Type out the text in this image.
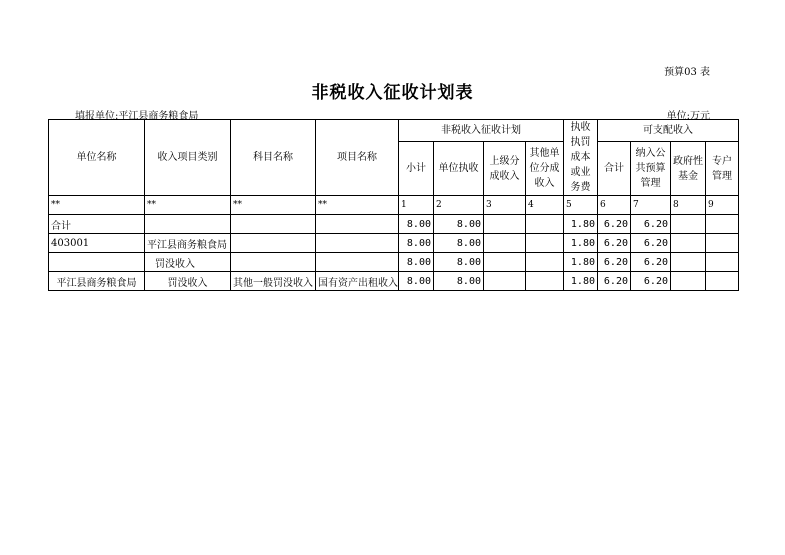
预算03 表
非税收入征收计划表
填报单位:平江县商务粮食局	单位:万元
单位名称	收入项目类别	科目名称	项目名称	非税收入征收计划				执收执罚成本或业务费	可支配收入			
				小计	单位执收	上级分成收入	其他单位分成收入		合计	纳入公共预算管理	政府性基金	专户管理
**	**	**	**	1	2	3	4	5	6	7	8	9
合计				8.00	8.00			1.80	6.20	6.20		
403001	平江县商务粮食局			8.00	8.00			1.80	6.20	6.20		
	罚没收入			8.00	8.00			1.80	6.20	6.20		
平江县商务粮食局	罚没收入	其他一般罚没收入	国有资产出租收入	8.00	8.00			1.80	6.20	6.20		
